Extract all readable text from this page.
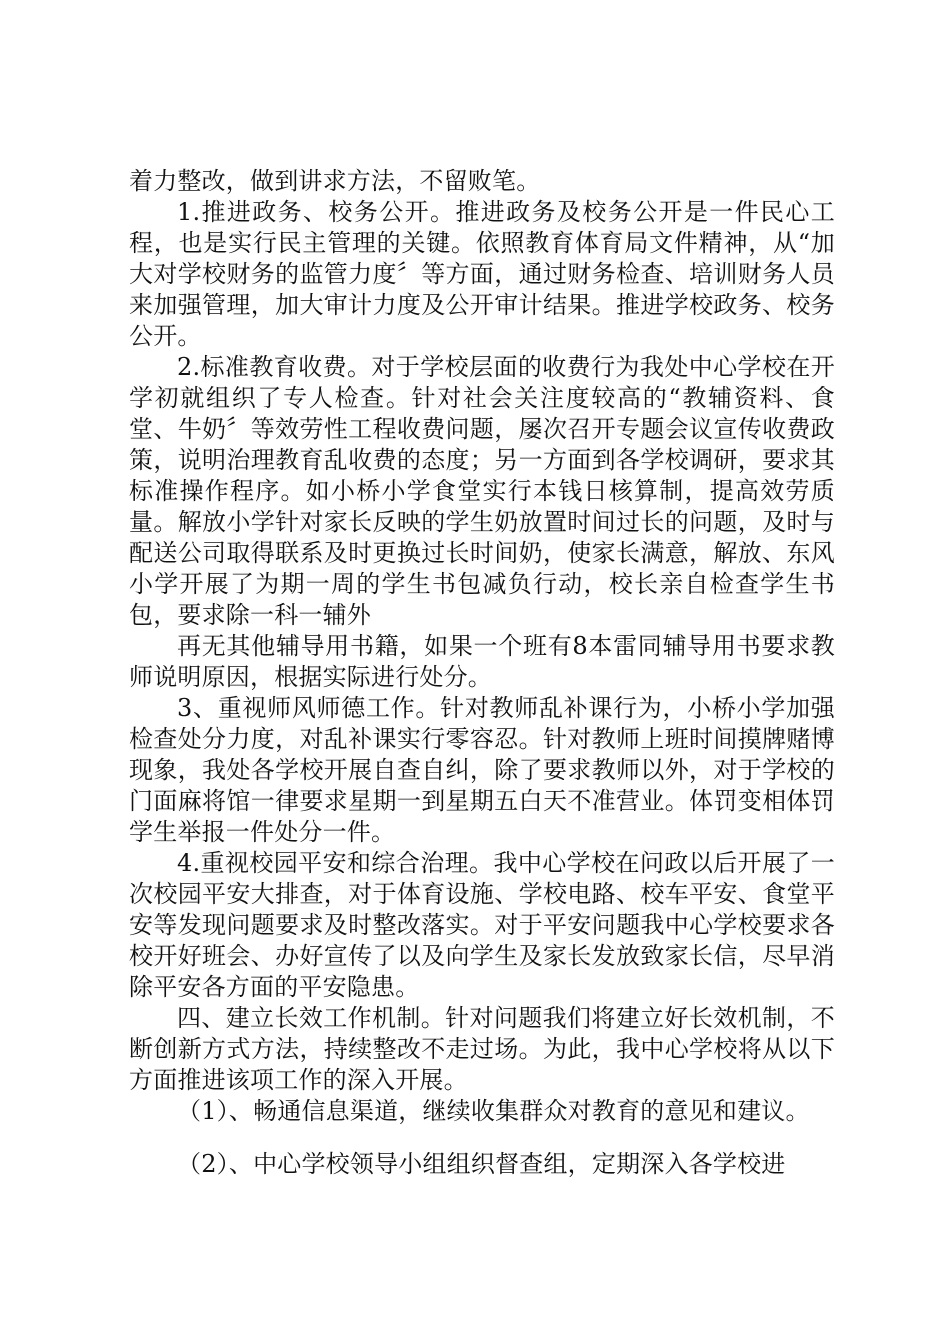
着力整改，做到讲求方法，不留败笔。

1.推进政务、校务公开。推进政务及校务公开是一件民心工程，也是实行民主管理的关键。依照教育体育局文件精神，从“加大对学校财务的监管力度〞等方面，通过财务检查、培训财务人员来加强管理，加大审计力度及公开审计结果。推进学校政务、校务公开。

2.标准教育收费。对于学校层面的收费行为我处中心学校在开学初就组织了专人检查。针对社会关注度较高的“教辅资料、食堂、牛奶〞等效劳性工程收费问题，屡次召开专题会议宣传收费政策，说明治理教育乱收费的态度；另一方面到各学校调研，要求其标准操作程序。如小桥小学食堂实行本钱日核算制，提高效劳质量。解放小学针对家长反映的学生奶放置时间过长的问题，及时与配送公司取得联系及时更换过长时间奶，使家长满意，解放、东风小学开展了为期一周的学生书包减负行动，校长亲自检查学生书包，要求除一科一辅外

再无其他辅导用书籍，如果一个班有8本雷同辅导用书要求教师说明原因，根据实际进行处分。

3、重视师风师德工作。针对教师乱补课行为，小桥小学加强检查处分力度，对乱补课实行零容忍。针对教师上班时间摸牌赌博现象，我处各学校开展自查自纠，除了要求教师以外，对于学校的门面麻将馆一律要求星期一到星期五白天不准营业。体罚变相体罚学生举报一件处分一件。

4.重视校园平安和综合治理。我中心学校在问政以后开展了一次校园平安大排查，对于体育设施、学校电路、校车平安、食堂平安等发现问题要求及时整改落实。对于平安问题我中心学校要求各校开好班会、办好宣传了以及向学生及家长发放致家长信，尽早消除平安各方面的平安隐患。

四、建立长效工作机制。针对问题我们将建立好长效机制，不断创新方式方法，持续整改不走过场。为此，我中心学校将从以下方面推进该项工作的深入开展。

（1）、畅通信息渠道，继续收集群众对教育的意见和建议。

（2）、中心学校领导小组组织督查组，定期深入各学校进
